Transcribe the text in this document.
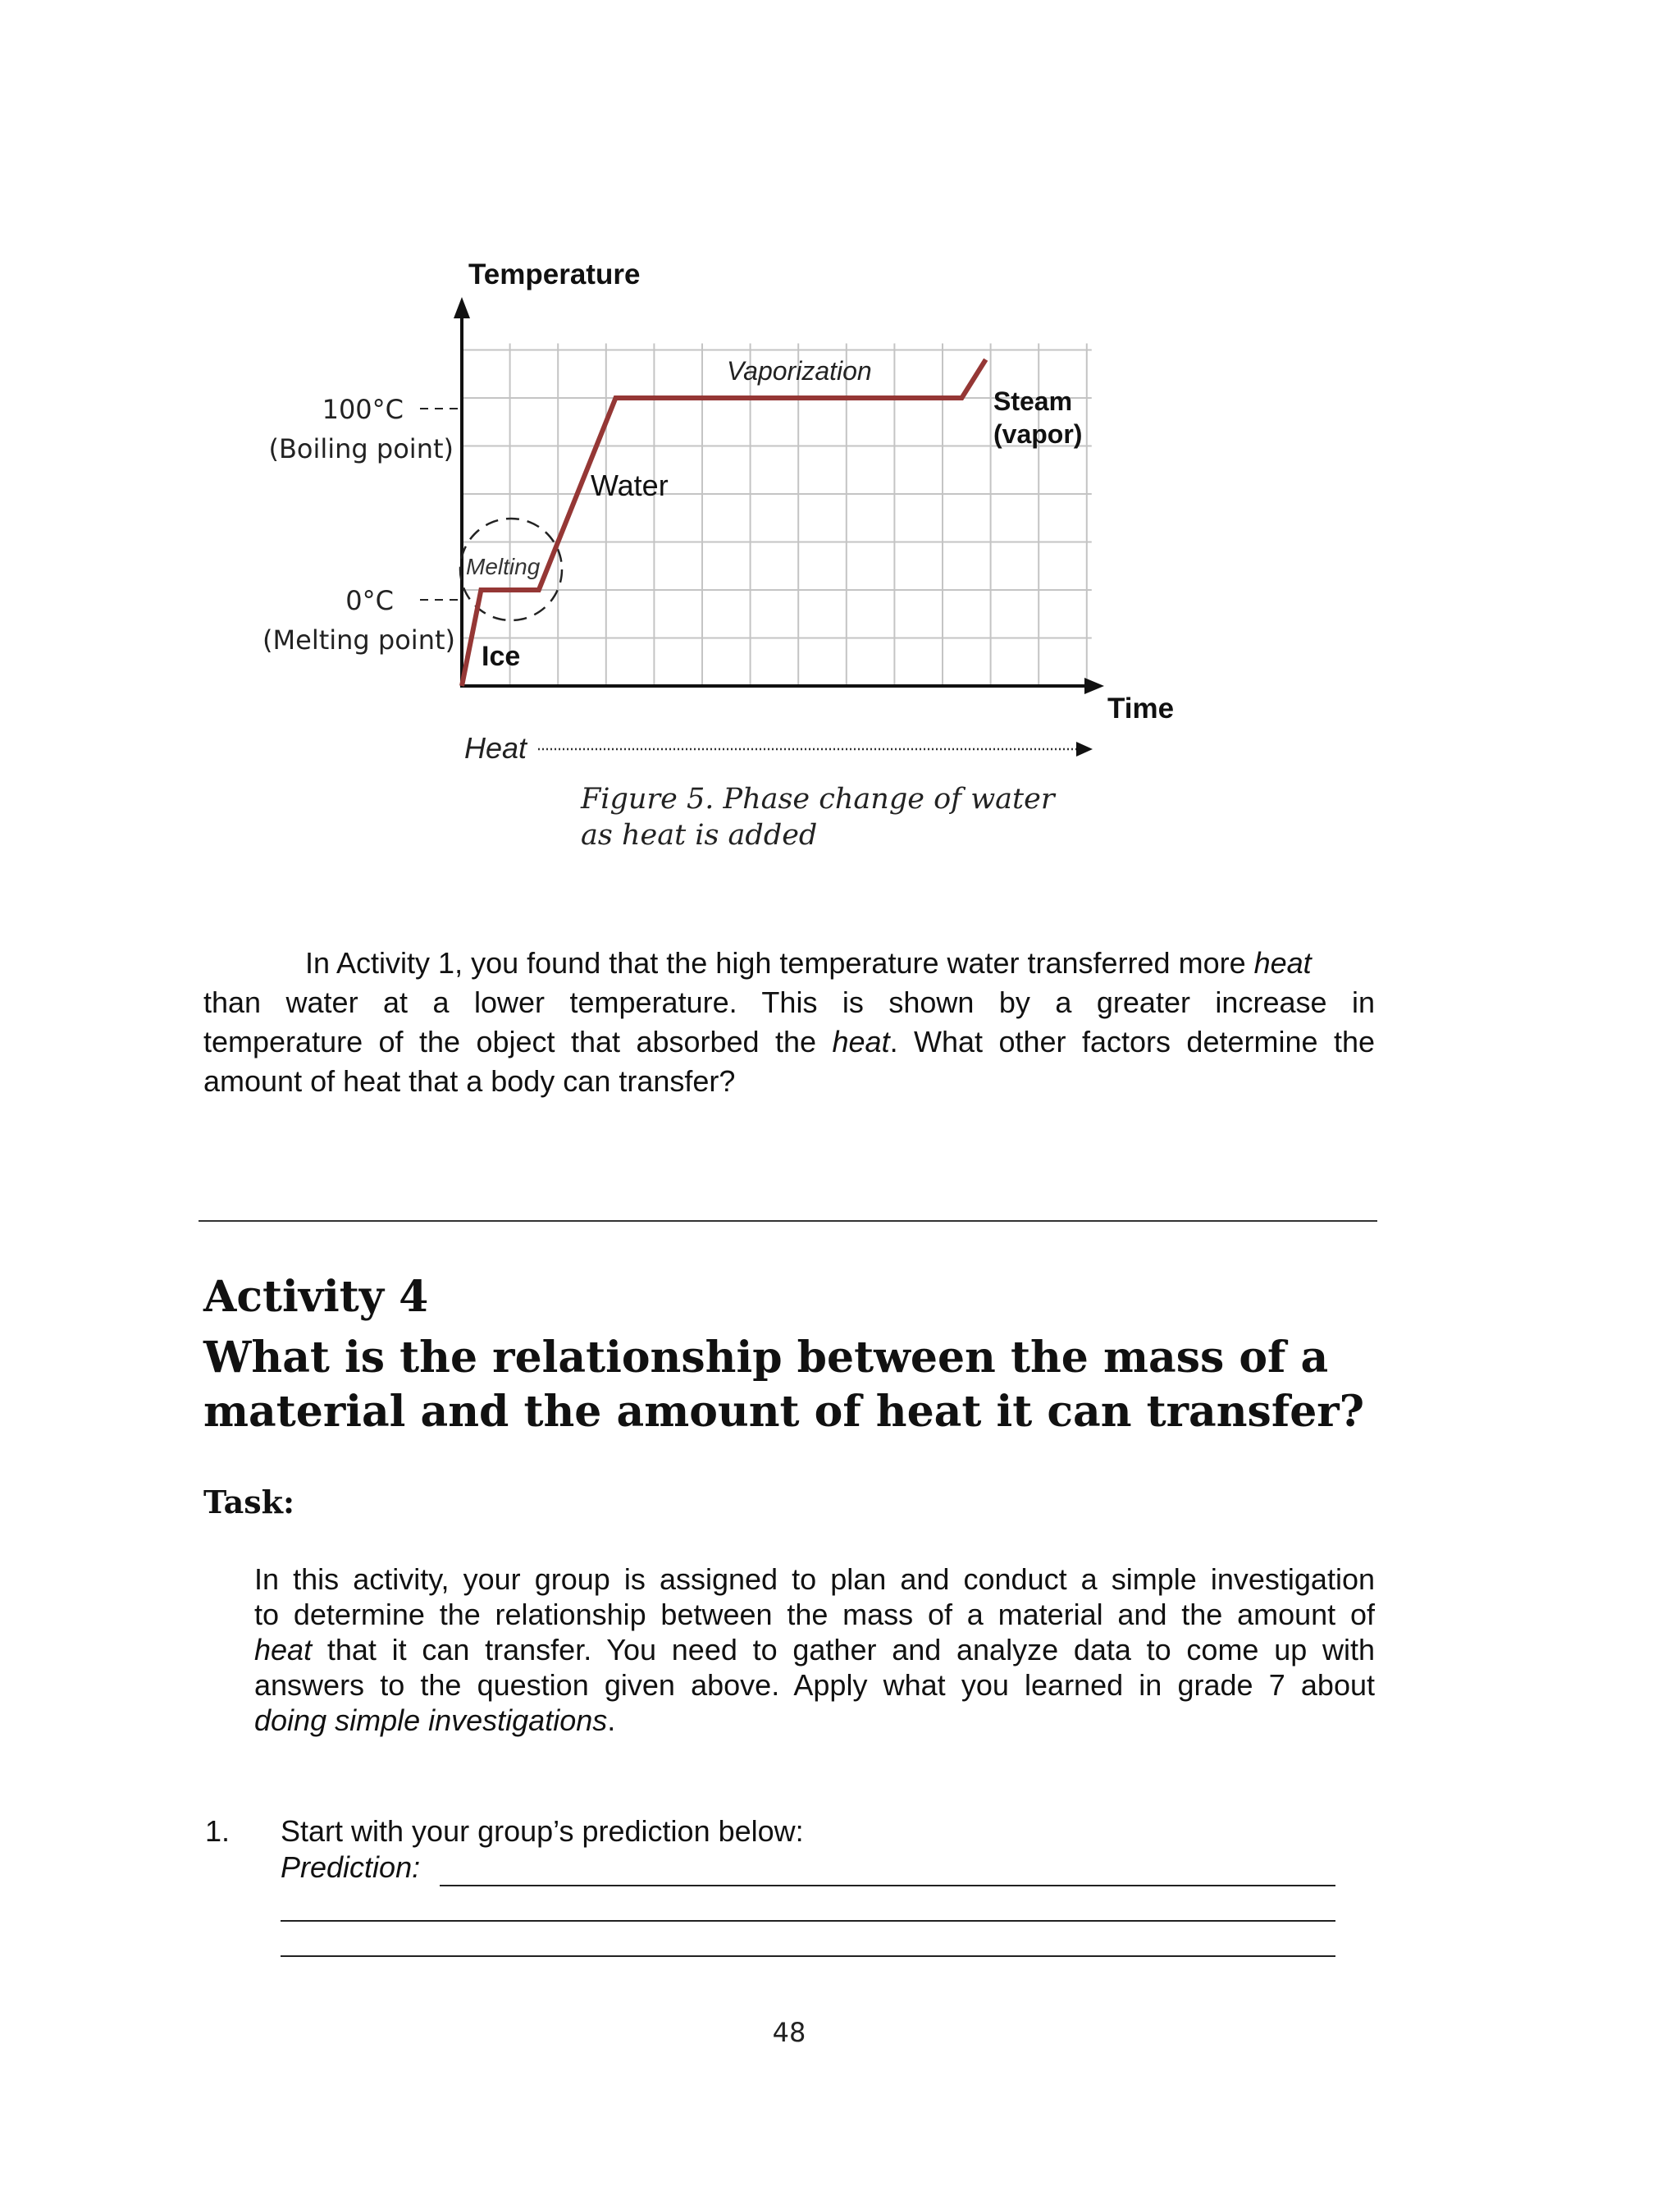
Temperature
Time
Heat
100°C
(Boiling point)
0°C
(Melting point)
Ice
Melting
Water
Vaporization
Steam
(vapor)
Figure 5. Phase change of water
as heat is added
In Activity 1, you found that the high temperature water transferred more heat
than water at a lower temperature. This is shown by a greater increase in
temperature of the object that absorbed the heat. What other factors determine the
amount of heat that a body can transfer?
Activity 4
What is the relationship between the mass of a
material and the amount of heat it can transfer?
Task:
In this activity, your group is assigned to plan and conduct a simple investigation
to determine the relationship between the mass of a material and the amount of
heat that it can transfer. You need to gather and analyze data to come up with
answers to the question given above. Apply what you learned in grade 7 about
doing simple investigations.
1. Start with your group’s prediction below:
Prediction:
48
